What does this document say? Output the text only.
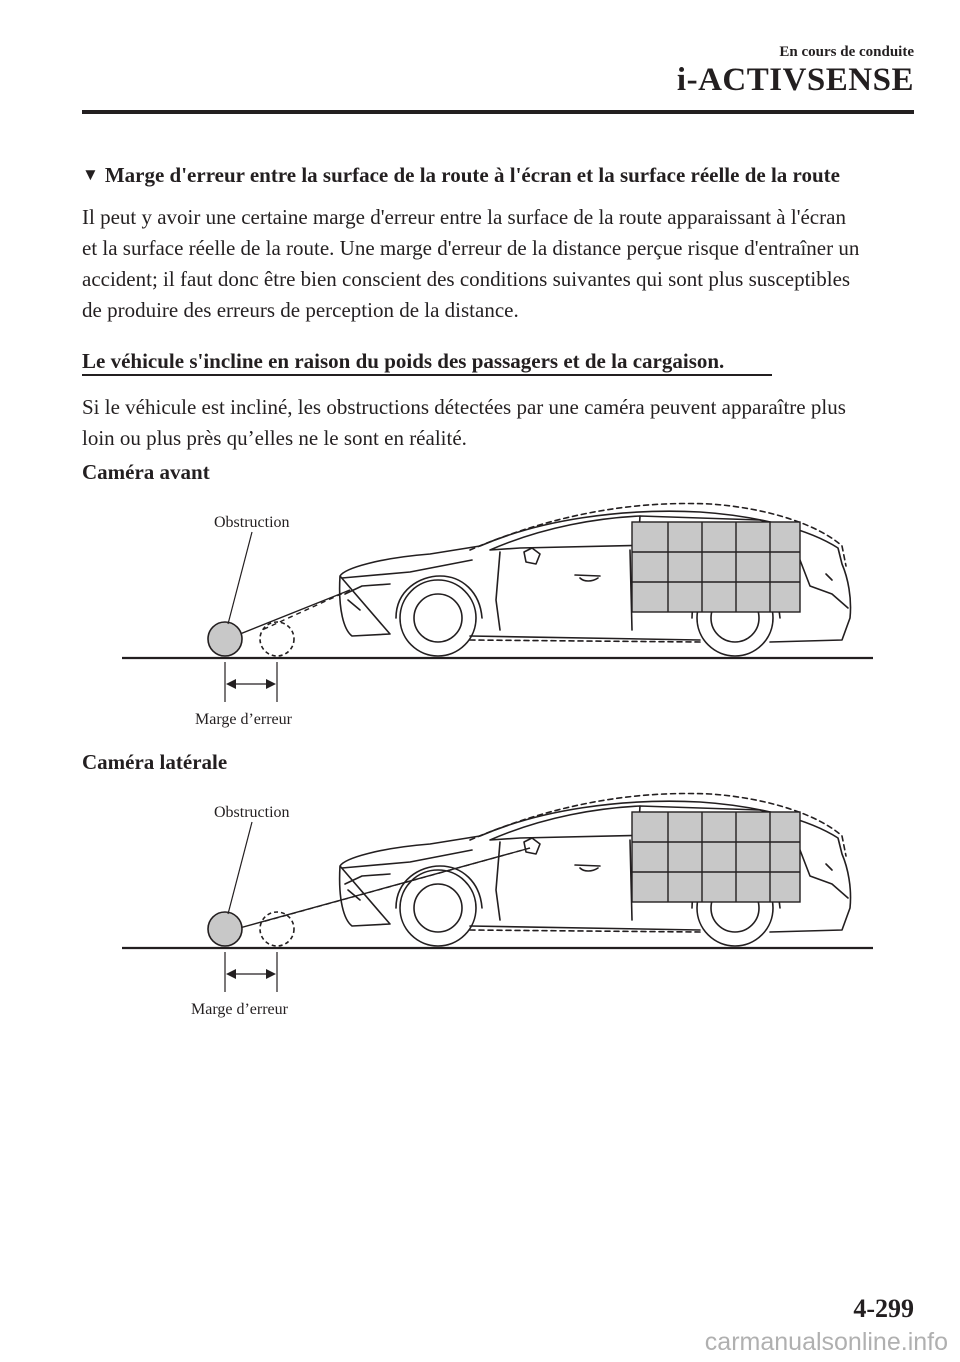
En cours de conduite
i-ACTIVSENSE
▼ Marge d'erreur entre la surface de la route à l'écran et la surface réelle de la route
Il peut y avoir une certaine marge d'erreur entre la surface de la route apparaissant à l'écran
et la surface réelle de la route. Une marge d'erreur de la distance perçue risque d'entraîner un
accident; il faut donc être bien conscient des conditions suivantes qui sont plus susceptibles
de produire des erreurs de perception de la distance.
Le véhicule s'incline en raison du poids des passagers et de la cargaison.
Si le véhicule est incliné, les obstructions détectées par une caméra peuvent apparaître plus
loin ou plus près qu’elles ne le sont en réalité.
Caméra avant
Obstruction
Marge d’erreur
Caméra latérale
Obstruction
Marge d’erreur
4-299
carmanualsonline.info
